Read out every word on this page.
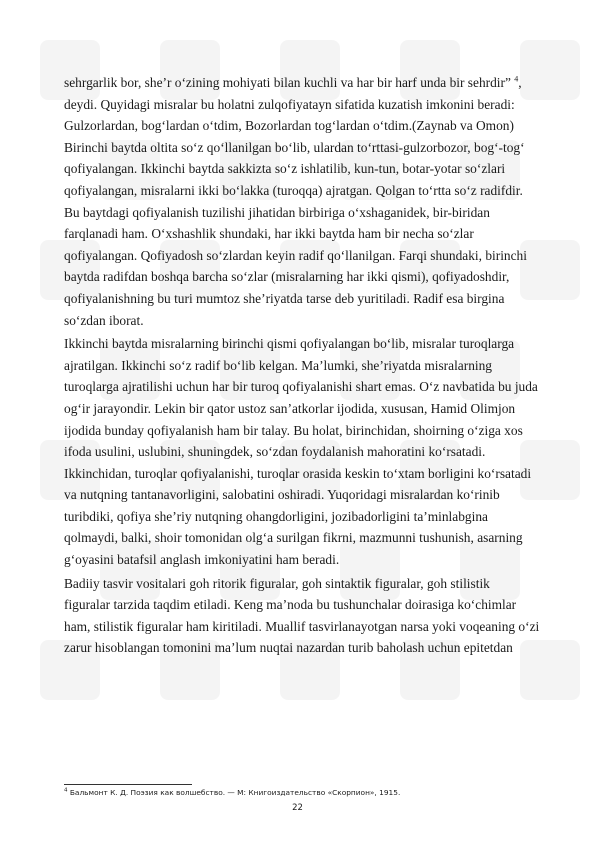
sehrgarlik bor, she’r o‘zining mohiyati bilan kuchli va har bir harf unda bir sehrdir” $^4$,
deydi. Quyidagi misralar bu holatni zulqofiyatayn sifatida kuzatish imkonini beradi:
Gulzorlardan, bog‘lardan o‘tdim, Bozorlardan tog‘lardan o‘tdim.(Zaynab va Omon)
Birinchi baytda oltita so‘z qo‘llanilgan bo‘lib, ulardan to‘rttasi-gulzorbozor, bog‘-tog‘
qofiyalangan. Ikkinchi baytda sakkizta so‘z ishlatilib, kun-tun, botar-yotar so‘zlari
qofiyalangan, misralarni ikki bo‘lakka (turoqqa) ajratgan. Qolgan to‘rtta so‘z radifdir.
Bu baytdagi qofiyalanish tuzilishi jihatidan birbiriga o‘xshaganidek, bir-biridan
farqlanadi ham. O‘xshashlik shundaki, har ikki baytda ham bir necha so‘zlar
qofiyalangan. Qofiyadosh so‘zlardan keyin radif qo‘llanilgan. Farqi shundaki, birinchi
baytda radifdan boshqa barcha so‘zlar (misralarning har ikki qismi), qofiyadoshdir,
qofiyalanishning bu turi mumtoz she’riyatda tarse deb yuritiladi. Radif esa birgina
so‘zdan iborat.
Ikkinchi baytda misralarning birinchi qismi qofiyalangan bo‘lib, misralar turoqlarga
ajratilgan. Ikkinchi so‘z radif bo‘lib kelgan. Ma’lumki, she’riyatda misralarning
turoqlarga ajratilishi uchun har bir turoq qofiyalanishi shart emas. O‘z navbatida bu juda
og‘ir jarayondir. Lekin bir qator ustoz san’atkorlar ijodida, xususan, Hamid Olimjon
ijodida bunday qofiyalanish ham bir talay. Bu holat, birinchidan, shoirning o‘ziga xos
ifoda usulini, uslubini, shuningdek, so‘zdan foydalanish mahoratini ko‘rsatadi.
Ikkinchidan, turoqlar qofiyalanishi, turoqlar orasida keskin to‘xtam borligini ko‘rsatadi
va nutqning tantanavorligini, salobatini oshiradi. Yuqoridagi misralardan ko‘rinib
turibdiki, qofiya she’riy nutqning ohangdorligini, jozibadorligini ta’minlabgina
qolmaydi, balki, shoir tomonidan olg‘a surilgan fikrni, mazmunni tushunish, asarning
g‘oyasini batafsil anglash imkoniyatini ham beradi.
Badiiy tasvir vositalari goh ritorik figuralar, goh sintaktik figuralar, goh stilistik
figuralar tarzida taqdim etiladi. Keng ma’noda bu tushunchalar doirasiga ko‘chimlar
ham, stilistik figuralar ham kiritiladi. Muallif tasvirlanayotgan narsa yoki voqeaning o‘zi
zarur hisoblangan tomonini ma’lum nuqtai nazardan turib baholash uchun epitetdan
$^4$ Бальмонт К. Д. Поэзия как волшебство. — М: Книгоиздательство «Скорпион», 1915.
22
